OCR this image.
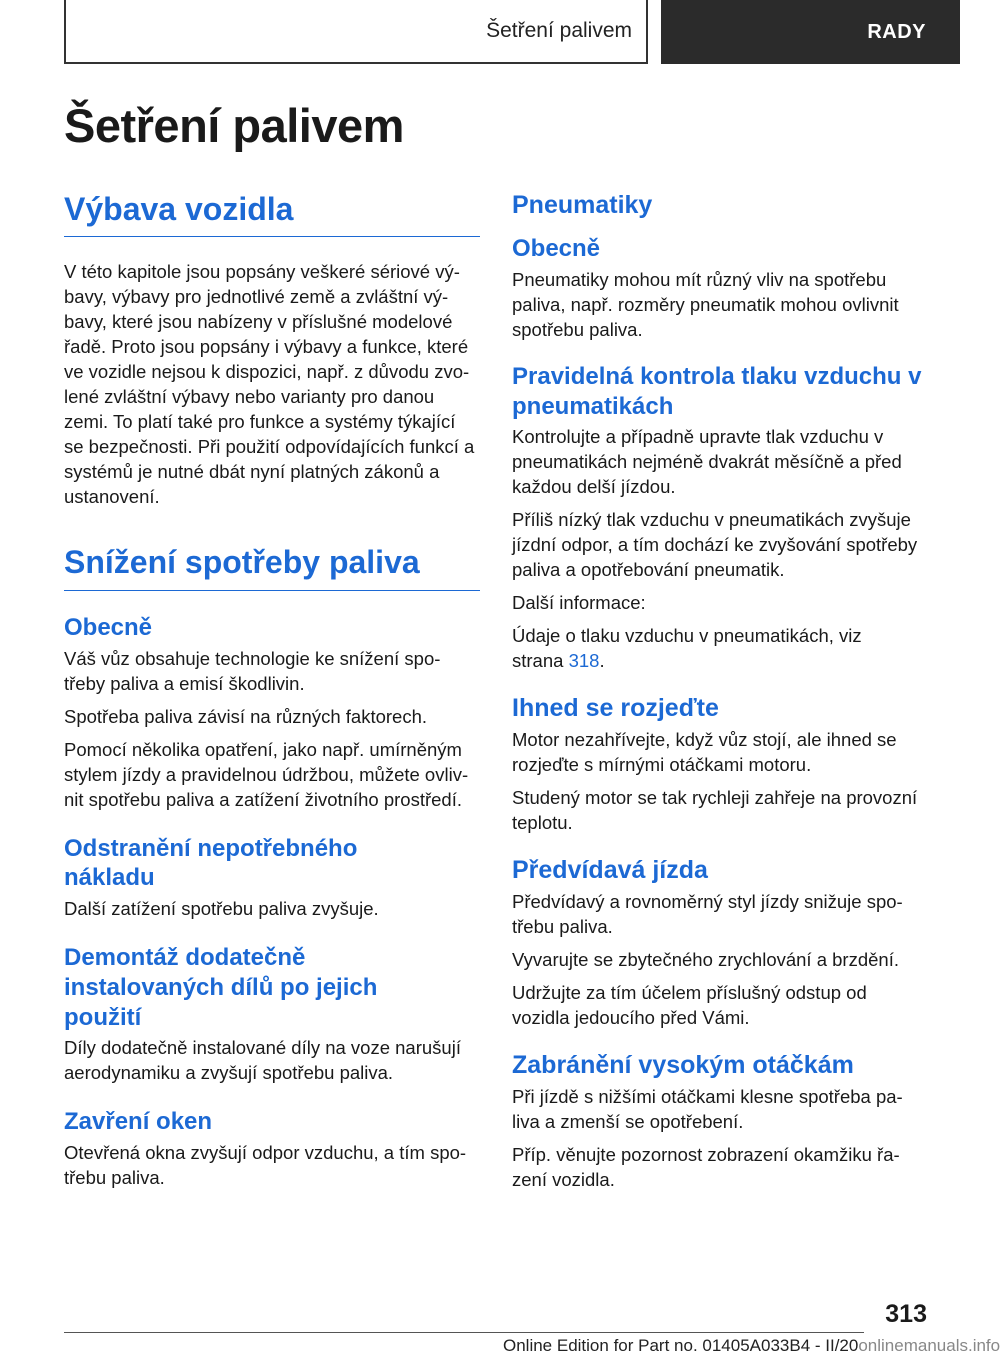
Šetření palivem	RADY
Šetření palivem
Výbava vozidla

V této kapitole jsou popsány veškeré sériové vý-
bavy, výbavy pro jednotlivé země a zvláštní vý-
bavy, které jsou nabízeny v příslušné modelové
řadě. Proto jsou popsány i výbavy a funkce, které
ve vozidle nejsou k dispozici, např. z důvodu zvo-
lené zvláštní výbavy nebo varianty pro danou
zemi. To platí také pro funkce a systémy týkající
se bezpečnosti. Při použití odpovídajících funkcí a
systémů je nutné dbát nyní platných zákonů a
ustanovení.

Snížení spotřeby paliva
Obecně

Váš vůz obsahuje technologie ke snížení spo-
třeby paliva a emisí škodlivin.

Spotřeba paliva závisí na různých faktorech.

Pomocí několika opatření, jako např. umírněným
stylem jízdy a pravidelnou údržbou, můžete ovliv-
nit spotřebu paliva a zatížení životního prostředí.

Odstranění nepotřebného
nákladu

Další zatížení spotřebu paliva zvyšuje.

Demontáž dodatečně
instalovaných dílů po jejich
použití

Díly dodatečně instalované díly na voze narušují
aerodynamiku a zvyšují spotřebu paliva.

Zavření oken

Otevřená okna zvyšují odpor vzduchu, a tím spo-
třebu paliva.

Pneumatiky
Obecně

Pneumatiky mohou mít různý vliv na spotřebu
paliva, např. rozměry pneumatik mohou ovlivnit
spotřebu paliva.

Pravidelná kontrola tlaku vzduchu v
pneumatikách

Kontrolujte a případně upravte tlak vzduchu v
pneumatikách nejméně dvakrát měsíčně a před
každou delší jízdou.

Příliš nízký tlak vzduchu v pneumatikách zvyšuje
jízdní odpor, a tím dochází ke zvyšování spotřeby
paliva a opotřebování pneumatik.

Další informace:

Údaje o tlaku vzduchu v pneumatikách, viz
strana 318.

Ihned se rozjeďte

Motor nezahřívejte, když vůz stojí, ale ihned se
rozjeďte s mírnými otáčkami motoru.

Studený motor se tak rychleji zahřeje na provozní
teplotu.

Předvídavá jízda

Předvídavý a rovnoměrný styl jízdy snižuje spo-
třebu paliva.

Vyvarujte se zbytečného zrychlování a brzdění.

Udržujte za tím účelem příslušný odstup od
vozidla jedoucího před Vámi.

Zabránění vysokým otáčkám

Při jízdě s nižšími otáčkami klesne spotřeba pa-
liva a zmenší se opotřebení.

Příp. věnujte pozornost zobrazení okamžiku řa-
zení vozidla.

313
Online Edition for Part no. 01405A033B4 - II/20onlinemanuals.info
